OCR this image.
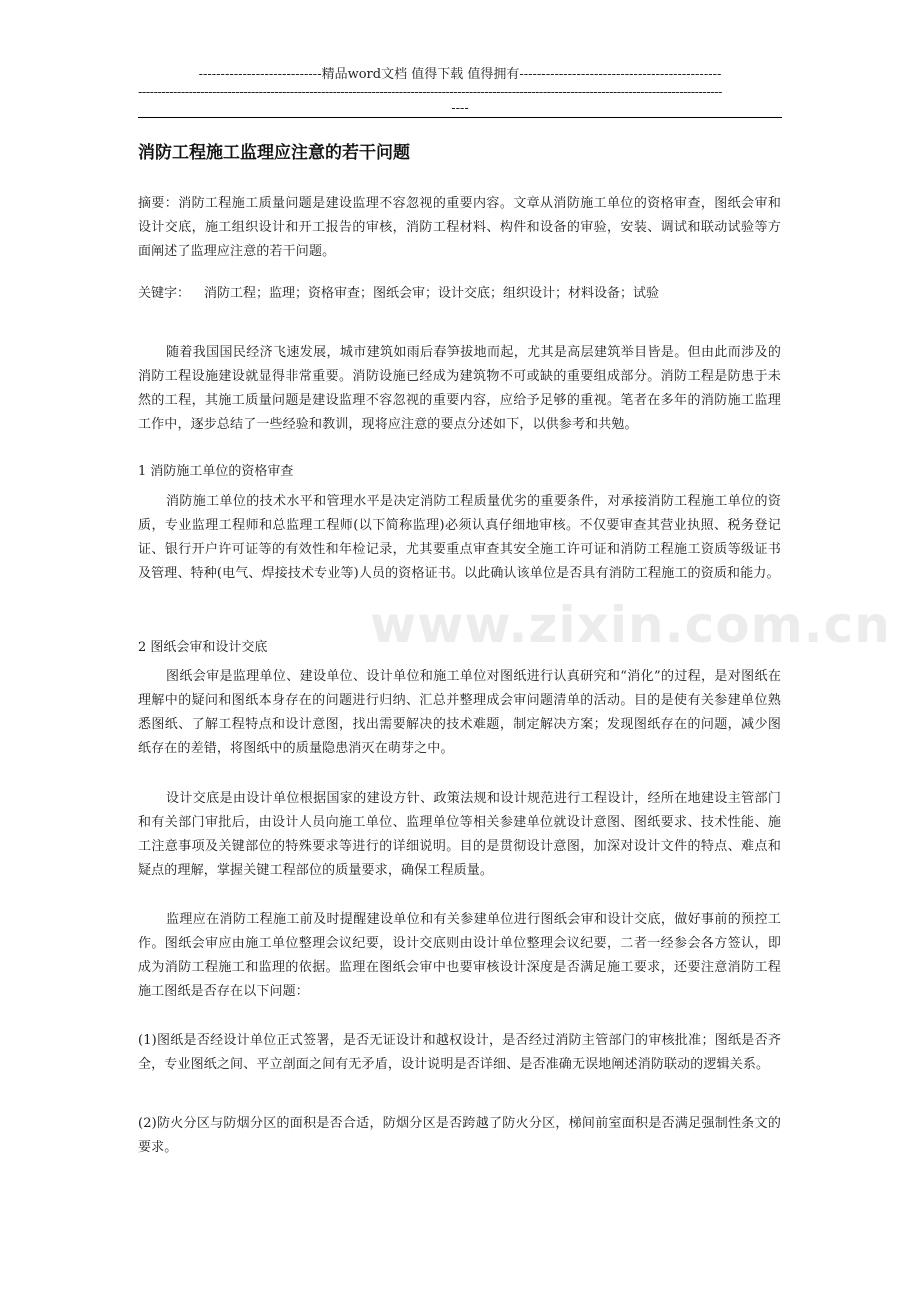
----------------------------精品word文档 值得下载 值得拥有----------------------------------------------
------------------------------------------------------------------------------------------------------------------------------------------------------
----
消防工程施工监理应注意的若干问题
摘要：消防工程施工质量问题是建设监理不容忽视的重要内容。文章从消防施工单位的资格审查，图纸会审和设计交底，施工组织设计和开工报告的审核，消防工程材料、构件和设备的审验，安装、调试和联动试验等方面阐述了监理应注意的若干问题。
关键字： 消防工程；监理；资格审查；图纸会审；设计交底；组织设计；材料设备；试验
随着我国国民经济飞速发展，城市建筑如雨后春笋拔地而起，尤其是高层建筑举目皆是。但由此而涉及的消防工程设施建设就显得非常重要。消防设施已经成为建筑物不可或缺的重要组成部分。消防工程是防患于未然的工程，其施工质量问题是建设监理不容忽视的重要内容，应给予足够的重视。笔者在多年的消防施工监理工作中，逐步总结了一些经验和教训，现将应注意的要点分述如下，以供参考和共勉。
1 消防施工单位的资格审查
消防施工单位的技术水平和管理水平是决定消防工程质量优劣的重要条件，对承接消防工程施工单位的资质，专业监理工程师和总监理工程师(以下简称监理)必须认真仔细地审核。不仅要审查其营业执照、税务登记证、银行开户许可证等的有效性和年检记录，尤其要重点审查其安全施工许可证和消防工程施工资质等级证书及管理、特种(电气、焊接技术专业等)人员的资格证书。以此确认该单位是否具有消防工程施工的资质和能力。
2 图纸会审和设计交底
图纸会审是监理单位、建设单位、设计单位和施工单位对图纸进行认真研究和“消化”的过程，是对图纸在理解中的疑问和图纸本身存在的问题进行归纳、汇总并整理成会审问题清单的活动。目的是使有关参建单位熟悉图纸、了解工程特点和设计意图，找出需要解决的技术难题，制定解决方案；发现图纸存在的问题，减少图纸存在的差错，将图纸中的质量隐患消灭在萌芽之中。
设计交底是由设计单位根据国家的建设方针、政策法规和设计规范进行工程设计，经所在地建设主管部门和有关部门审批后，由设计人员向施工单位、监理单位等相关参建单位就设计意图、图纸要求、技术性能、施工注意事项及关键部位的特殊要求等进行的详细说明。目的是贯彻设计意图，加深对设计文件的特点、难点和疑点的理解，掌握关键工程部位的质量要求，确保工程质量。
监理应在消防工程施工前及时提醒建设单位和有关参建单位进行图纸会审和设计交底，做好事前的预控工作。图纸会审应由施工单位整理会议纪要，设计交底则由设计单位整理会议纪要，二者一经参会各方签认，即成为消防工程施工和监理的依据。监理在图纸会审中也要审核设计深度是否满足施工要求，还要注意消防工程施工图纸是否存在以下问题：
(1)图纸是否经设计单位正式签署，是否无证设计和越权设计，是否经过消防主管部门的审核批准；图纸是否齐全，专业图纸之间、平立剖面之间有无矛盾，设计说明是否详细、是否准确无误地阐述消防联动的逻辑关系。
(2)防火分区与防烟分区的面积是否合适，防烟分区是否跨越了防火分区，梯间前室面积是否满足强制性条文的要求。
www.zixin.com.cn
